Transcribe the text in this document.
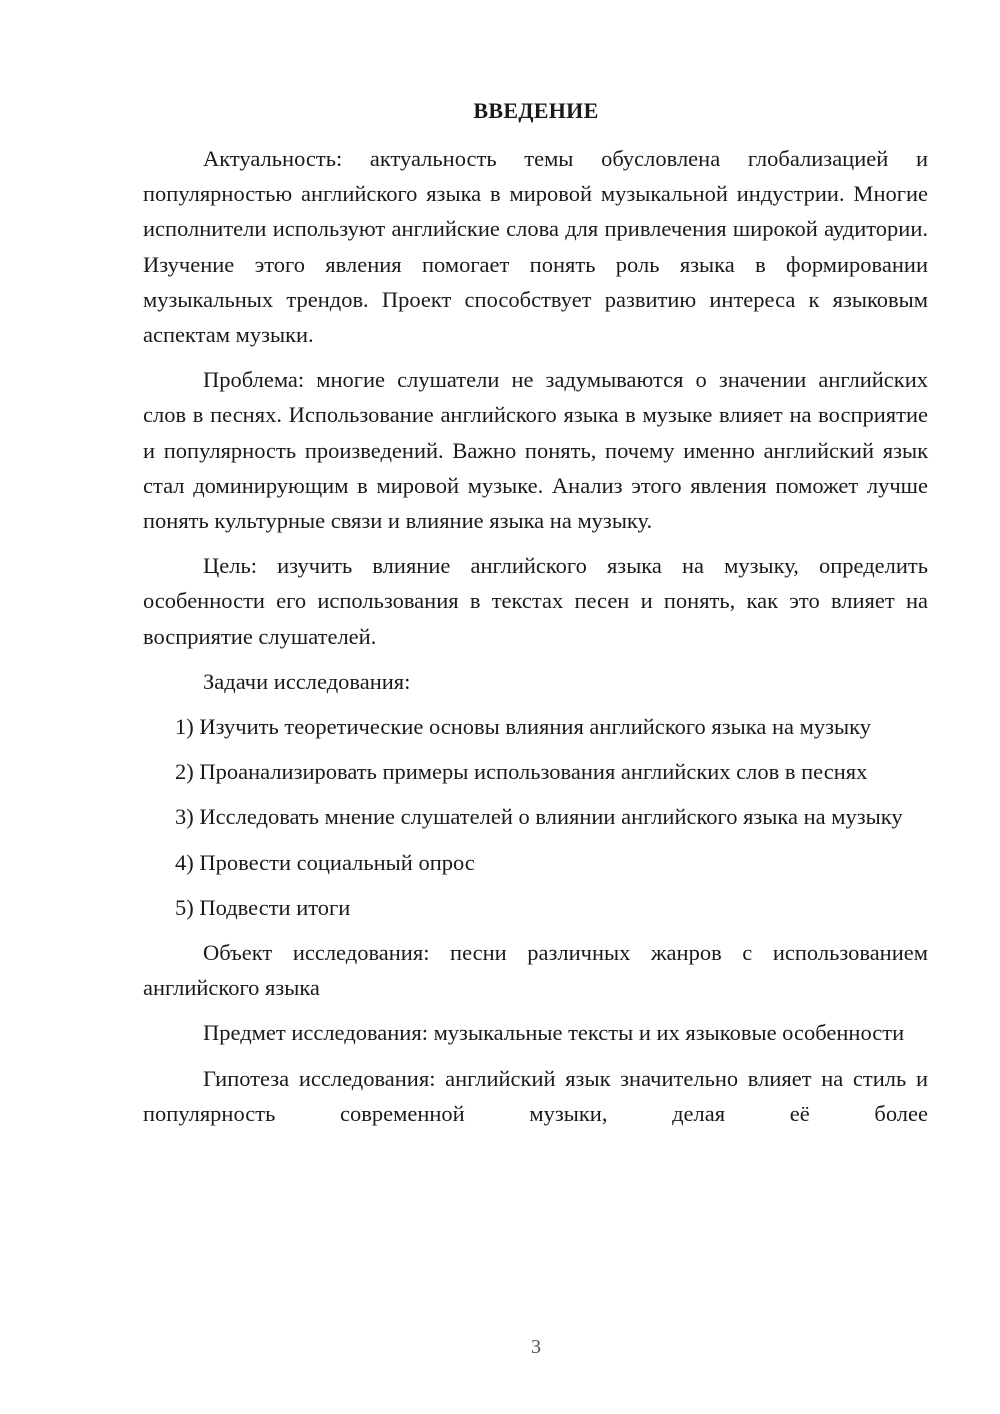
ВВЕДЕНИЕ

Актуальность: актуальность темы обусловлена глобализацией и популярностью английского языка в мировой музыкальной индустрии. Многие исполнители используют английские слова для привлечения широкой аудитории. Изучение этого явления помогает понять роль языка в формировании музыкальных трендов. Проект способствует развитию интереса к языковым аспектам музыки.

Проблема: многие слушатели не задумываются о значении английских слов в песнях. Использование английского языка в музыке влияет на восприятие и популярность произведений. Важно понять, почему именно английский язык стал доминирующим в мировой музыке. Анализ этого явления поможет лучше понять культурные связи и влияние языка на музыку.

Цель: изучить влияние английского языка на музыку, определить особенности его использования в текстах песен и понять, как это влияет на восприятие слушателей.

Задачи исследования:

1) Изучить теоретические основы влияния английского языка на музыку

2) Проанализировать примеры использования английских слов в песнях

3) Исследовать мнение слушателей о влиянии английского языка на музыку

4) Провести социальный опрос

5) Подвести итоги

Объект исследования: песни различных жанров с использованием английского языка

Предмет исследования: музыкальные тексты и их языковые особенности

Гипотеза исследования: английский язык значительно влияет на стиль и популярность современной музыки, делая её более

3
